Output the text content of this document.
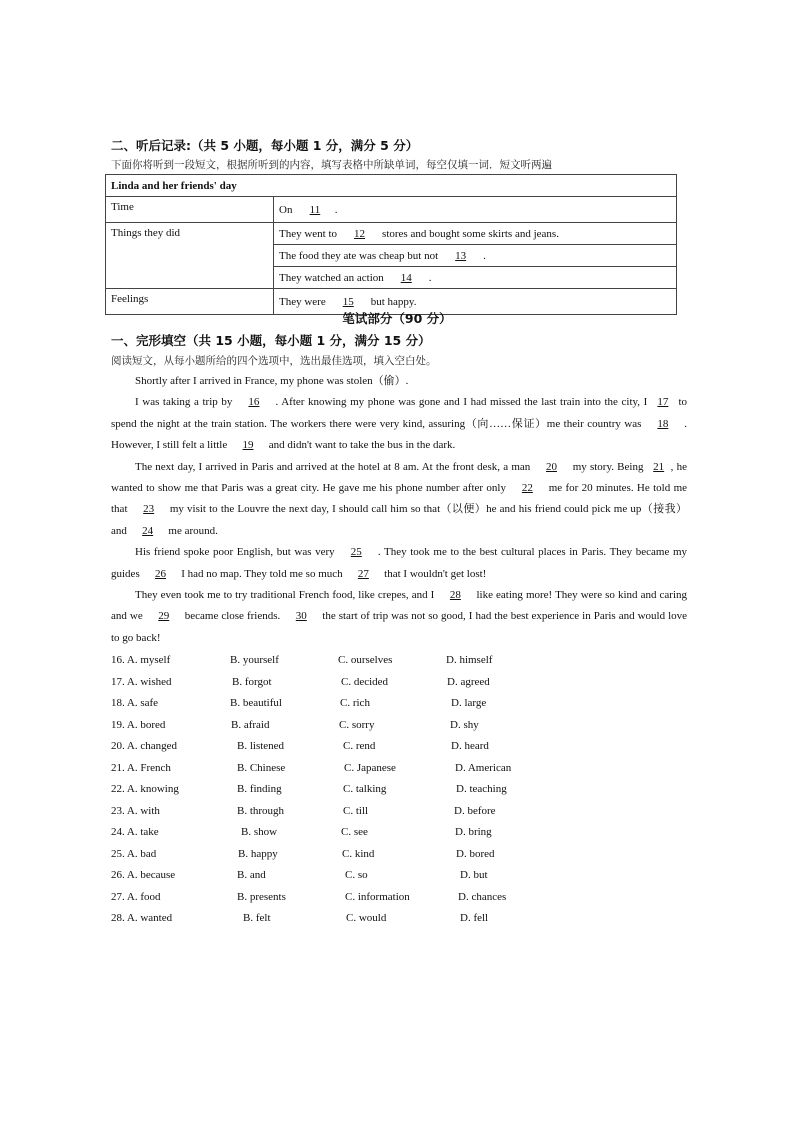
二、听后记录:（共 5 小题，每小题 1 分，满分 5 分）
下面你将听到一段短文，根据所听到的内容，填写表格中所缺单词，每空仅填一词．短文听两遍
Linda and her friends' day	
Time	On 11 .
Things they did	They went to 12 stores and bought some skirts and jeans.
	The food they ate was cheap but not 13 .
	They watched an action 14 .
Feelings	They were 15 but happy.
笔试部分（90 分）
一、完形填空（共 15 小题，每小题 1 分，满分 15 分）
阅读短文，从每小题所给的四个选项中，选出最佳选项，填入空白处。
Shortly after I arrived in France, my phone was stolen（偷）.
I was taking a trip by 16 . After knowing my phone was gone and I had missed the last train into the city, I 17 to spend the night at the train station. The workers there were very kind, assuring（向……保证）me their country was 18 . However, I still felt a little 19 and didn't want to take the bus in the dark.
The next day, I arrived in Paris and arrived at the hotel at 8 am. At the front desk, a man 20 my story. Being 21 , he wanted to show me that Paris was a great city. He gave me his phone number after only 22 me for 20 minutes. He told me that 23 my visit to the Louvre the next day, I should call him so that（以便）he and his friend could pick me up（接我）and 24 me around.
His friend spoke poor English, but was very 25 . They took me to the best cultural places in Paris. They became my guides 26 I had no map. They told me so much 27 that I wouldn't get lost!
They even took me to try traditional French food, like crepes, and I 28 like eating more! They were so kind and caring and we 29 became close friends. 30 the start of trip was not so good, I had the best experience in Paris and would love to go back!
16. A. myself	B. yourself	C. ourselves	D. himself
17. A. wished	B. forgot	C. decided	D. agreed
18. A. safe	B. beautiful	C. rich	D. large
19. A. bored	B. afraid	C. sorry	D. shy
20. A. changed	B. listened	C. rend	D. heard
21. A. French	B. Chinese	C. Japanese	D. American
22. A. knowing	B. finding	C. talking	D. teaching
23. A. with	B. through	C. till	D. before
24. A. take	B. show	C. see	D. bring
25. A. bad	B. happy	C. kind	D. bored
26. A. because	B. and	C. so	D. but
27. A. food	B. presents	C. information	D. chances
28. A. wanted	B. felt	C. would	D. fell
